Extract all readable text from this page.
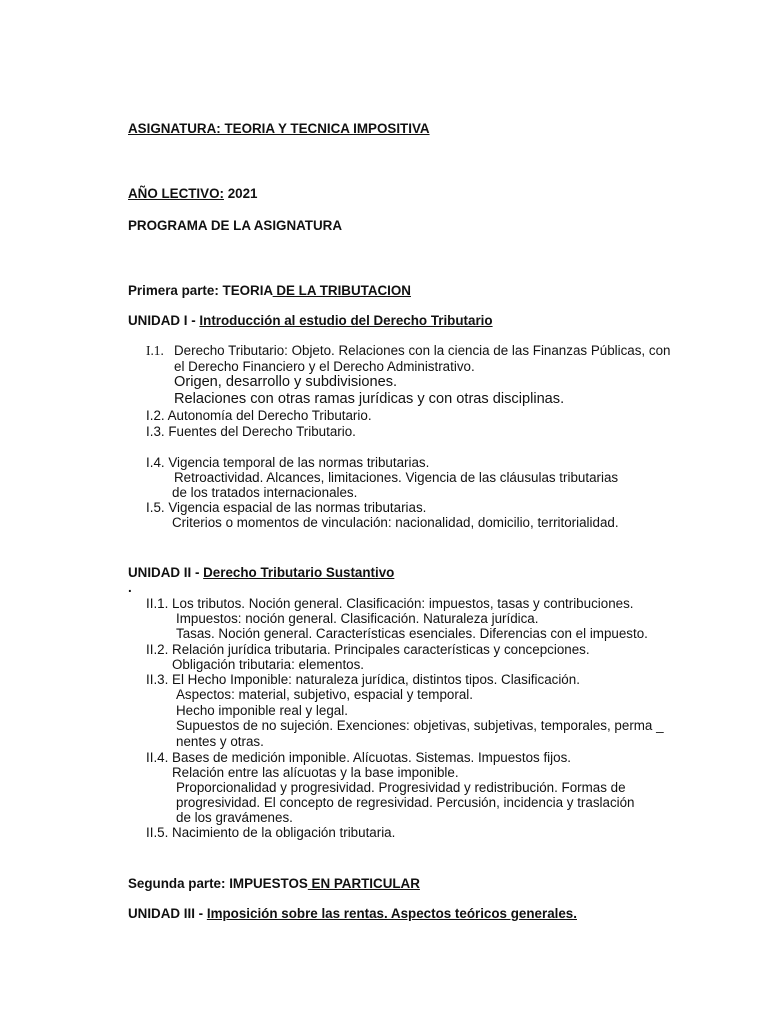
ASIGNATURA: TEORIA Y TECNICA IMPOSITIVA
AÑO LECTIVO: 2021
PROGRAMA DE LA ASIGNATURA
Primera parte: TEORIA DE LA TRIBUTACION
UNIDAD I - Introducción al estudio del Derecho Tributario
I.1. Derecho Tributario: Objeto. Relaciones con la ciencia de las Finanzas Públicas, con
el Derecho Financiero y el Derecho Administrativo.
Origen, desarrollo y subdivisiones.
Relaciones con otras ramas jurídicas y con otras disciplinas.
I.2. Autonomía del Derecho Tributario.
I.3. Fuentes del Derecho Tributario.
I.4. Vigencia temporal de las normas tributarias.
Retroactividad. Alcances, limitaciones. Vigencia de las cláusulas tributarias
de los tratados internacionales.
I.5. Vigencia espacial de las normas tributarias.
Criterios o momentos de vinculación: nacionalidad, domicilio, territorialidad.
UNIDAD II - Derecho Tributario Sustantivo
.
II.1. Los tributos. Noción general. Clasificación: impuestos, tasas y contribuciones.
Impuestos: noción general. Clasificación. Naturaleza jurídica.
Tasas. Noción general. Características esenciales. Diferencias con el impuesto.
II.2. Relación jurídica tributaria. Principales características y concepciones.
Obligación tributaria: elementos.
II.3. El Hecho Imponible: naturaleza jurídica, distintos tipos. Clasificación.
Aspectos: material, subjetivo, espacial y temporal.
Hecho imponible real y legal.
Supuestos de no sujeción. Exenciones: objetivas, subjetivas, temporales, perma _
nentes y otras.
II.4. Bases de medición imponible. Alícuotas. Sistemas. Impuestos fijos.
Relación entre las alícuotas y la base imponible.
Proporcionalidad y progresividad. Progresividad y redistribución. Formas de
progresividad. El concepto de regresividad. Percusión, incidencia y traslación
de los gravámenes.
II.5. Nacimiento de la obligación tributaria.
Segunda parte: IMPUESTOS EN PARTICULAR
UNIDAD III - Imposición sobre las rentas. Aspectos teóricos generales.
